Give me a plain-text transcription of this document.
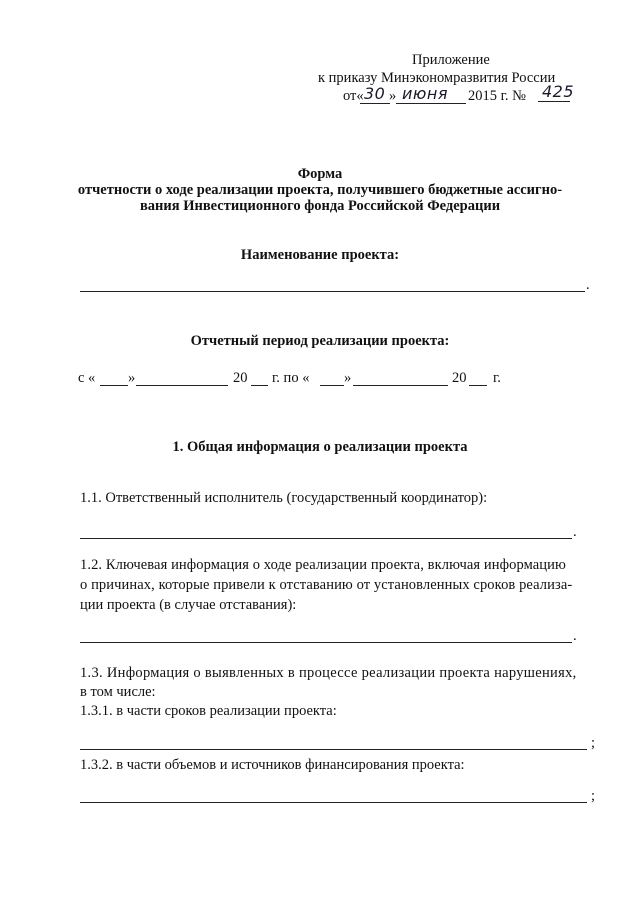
Приложение
к приказу Минэкономразвития России
от« 30 » июня 2015 г. № 425
Форма
отчетности о ходе реализации проекта, получившего бюджетные ассигно-
вания Инвестиционного фонда Российской Федерации
Наименование проекта:
.
Отчетный период реализации проекта:
с « »	20 г. по « »	20 г.
1. Общая информация о реализации проекта
1.1. Ответственный исполнитель (государственный координатор):
.
1.2. Ключевая информация о ходе реализации проекта, включая информацию
о причинах, которые привели к отставанию от установленных сроков реализа-
ции проекта (в случае отставания):
.
1.3. Информация о выявленных в процессе реализации проекта нарушениях,
в том числе:
1.3.1. в части сроков реализации проекта:
;
1.3.2. в части объемов и источников финансирования проекта:
;
